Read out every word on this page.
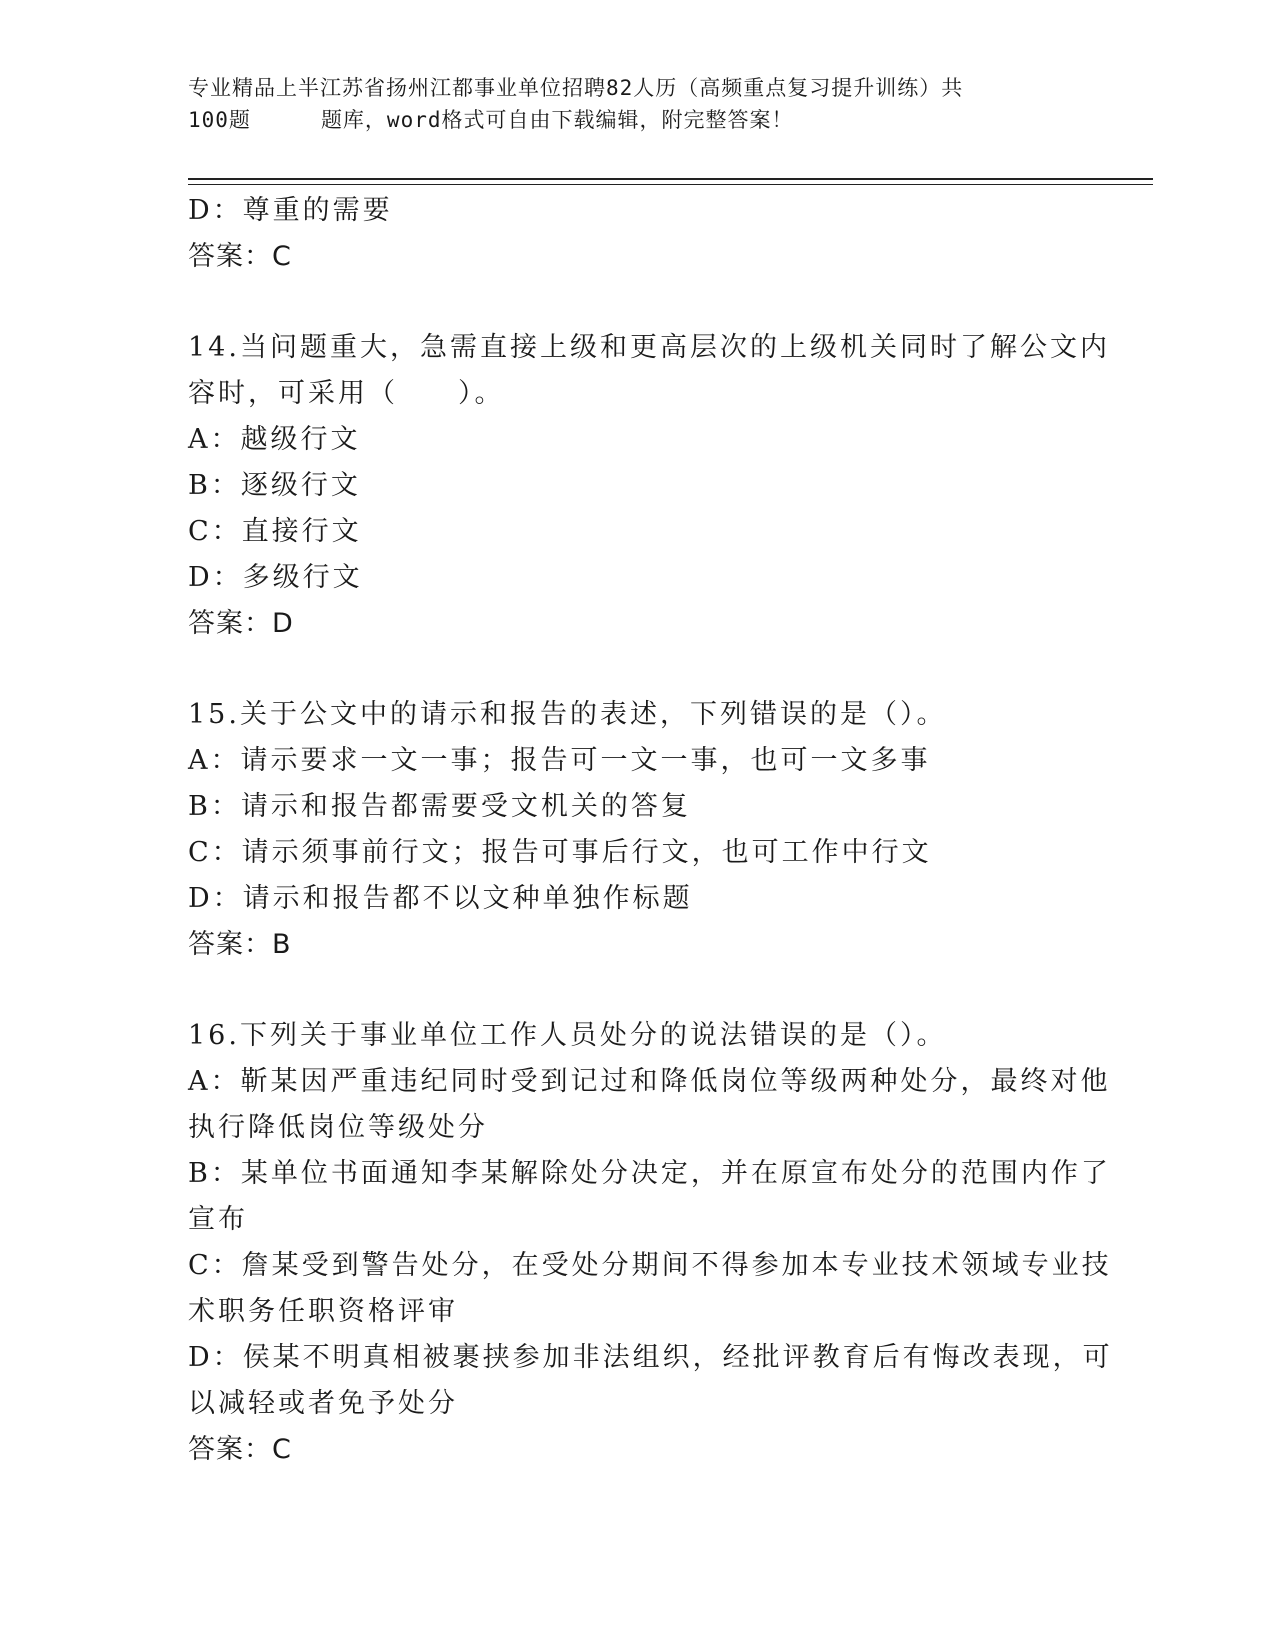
专业精品上半江苏省扬州江都事业单位招聘82人历（高频重点复习提升训练）共
100题	题库，word格式可自由下载编辑，附完整答案！
D：尊重的需要
答案：C
14.当问题重大，急需直接上级和更高层次的上级机关同时了解公文内
容时，可采用（　　）。
A：越级行文
B：逐级行文
C：直接行文
D：多级行文
答案：D
15.关于公文中的请示和报告的表述，下列错误的是（）。
A：请示要求一文一事；报告可一文一事，也可一文多事
B：请示和报告都需要受文机关的答复
C：请示须事前行文；报告可事后行文，也可工作中行文
D：请示和报告都不以文种单独作标题
答案：B
16.下列关于事业单位工作人员处分的说法错误的是（）。
A：靳某因严重违纪同时受到记过和降低岗位等级两种处分，最终对他
执行降低岗位等级处分
B：某单位书面通知李某解除处分决定，并在原宣布处分的范围内作了
宣布
C：詹某受到警告处分，在受处分期间不得参加本专业技术领域专业技
术职务任职资格评审
D：侯某不明真相被裹挟参加非法组织，经批评教育后有悔改表现，可
以减轻或者免予处分
答案：C
